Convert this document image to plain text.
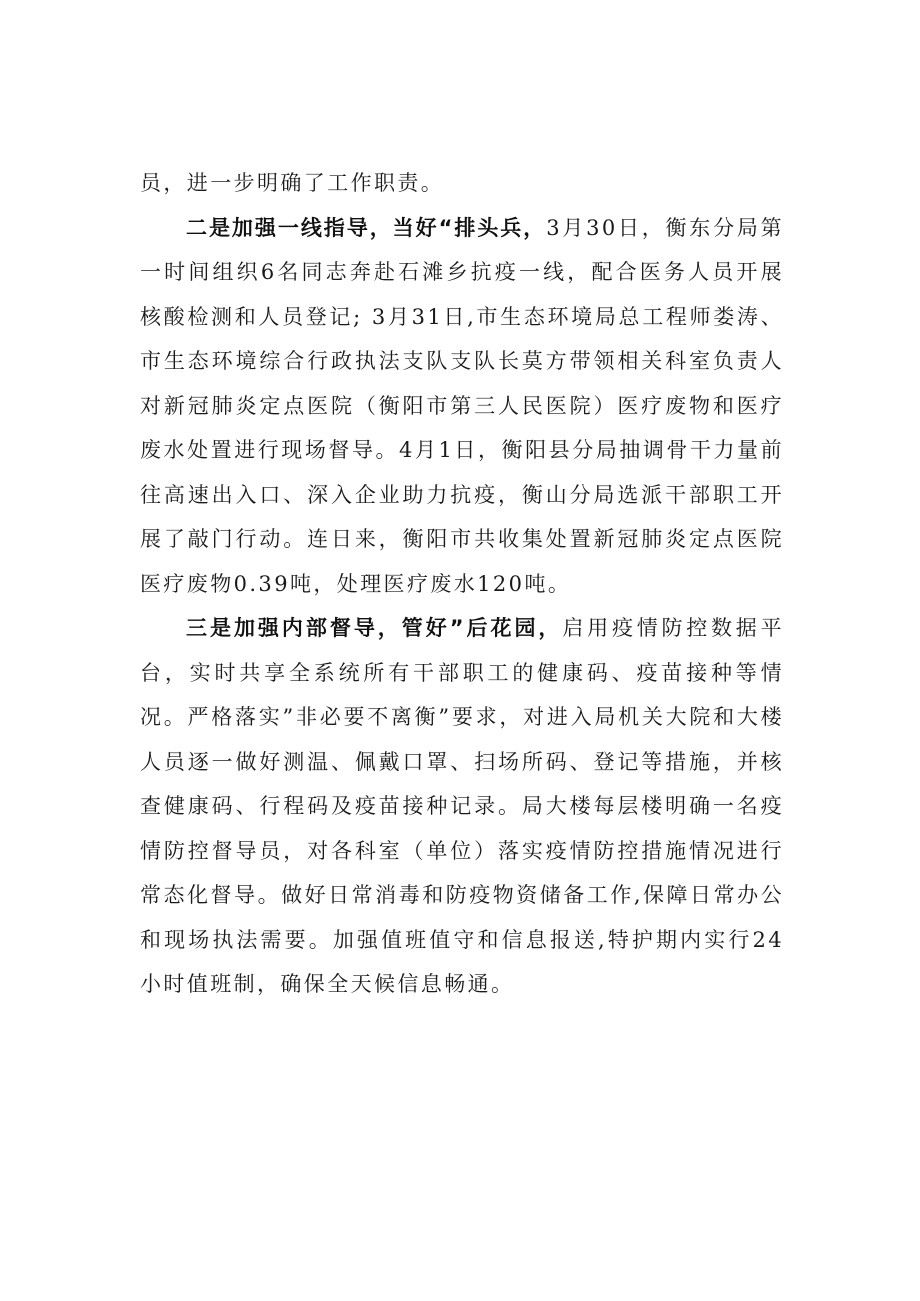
员，进一步明确了工作职责。

二是加强一线指导，当好“排头兵，3月30日，衡东分局第一时间组织6名同志奔赴石滩乡抗疫一线，配合医务人员开展核酸检测和人员登记; 3月31日,市生态环境局总工程师娄涛、市生态环境综合行政执法支队支队长莫方带领相关科室负责人对新冠肺炎定点医院（衡阳市第三人民医院）医疗废物和医疗废水处置进行现场督导。4月1日，衡阳县分局抽调骨干力量前往高速出入口、深入企业助力抗疫，衡山分局选派干部职工开展了敲门行动。连日来，衡阳市共收集处置新冠肺炎定点医院医疗废物0.39吨，处理医疗废水120吨。

三是加强内部督导，管好”后花园，启用疫情防控数据平台，实时共享全系统所有干部职工的健康码、疫苗接种等情况。严格落实”非必要不离衡”要求，对进入局机关大院和大楼人员逐一做好测温、佩戴口罩、扫场所码、登记等措施，并核查健康码、行程码及疫苗接种记录。局大楼每层楼明确一名疫情防控督导员，对各科室（单位）落实疫情防控措施情况进行常态化督导。做好日常消毒和防疫物资储备工作,保障日常办公和现场执法需要。加强值班值守和信息报送,特护期内实行24小时值班制，确保全天候信息畅通。
